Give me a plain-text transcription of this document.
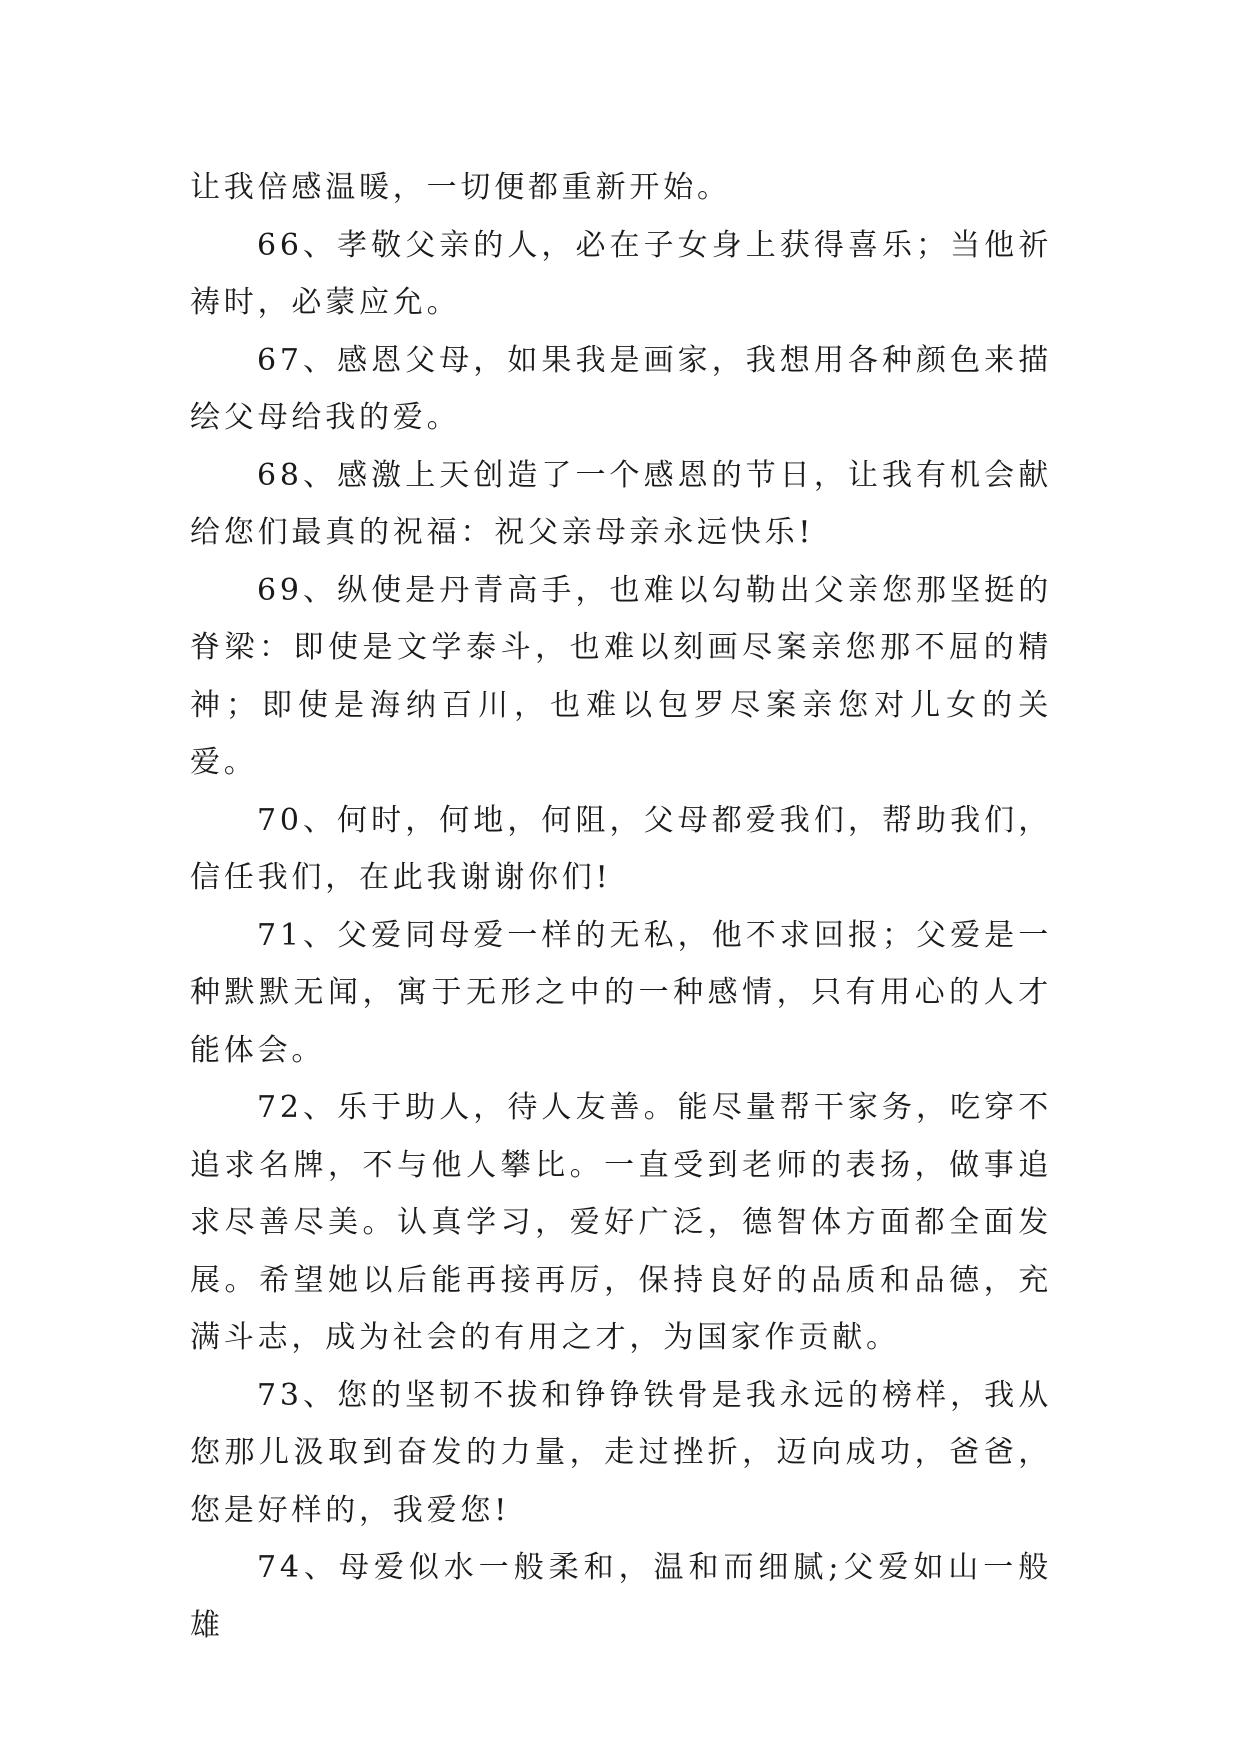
让我倍感温暖，一切便都重新开始。

66、孝敬父亲的人，必在子女身上获得喜乐；当他祈祷时，必蒙应允。

67、感恩父母，如果我是画家，我想用各种颜色来描绘父母给我的爱。

68、感激上天创造了一个感恩的节日，让我有机会献给您们最真的祝福：祝父亲母亲永远快乐!

69、纵使是丹青高手，也难以勾勒出父亲您那坚挺的脊梁：即使是文学泰斗，也难以刻画尽案亲您那不屈的精神；即使是海纳百川，也难以包罗尽案亲您对儿女的关爱。

70、何时，何地，何阻，父母都爱我们，帮助我们，信任我们，在此我谢谢你们!

71、父爱同母爱一样的无私，他不求回报；父爱是一种默默无闻，寓于无形之中的一种感情，只有用心的人才能体会。

72、乐于助人，待人友善。能尽量帮干家务，吃穿不追求名牌，不与他人攀比。一直受到老师的表扬，做事追求尽善尽美。认真学习，爱好广泛，德智体方面都全面发展。希望她以后能再接再厉，保持良好的品质和品德，充满斗志，成为社会的有用之才，为国家作贡献。

73、您的坚韧不拔和铮铮铁骨是我永远的榜样，我从您那儿汲取到奋发的力量，走过挫折，迈向成功，爸爸，您是好样的，我爱您!

74、母爱似水一般柔和，温和而细腻;父爱如山一般雄
